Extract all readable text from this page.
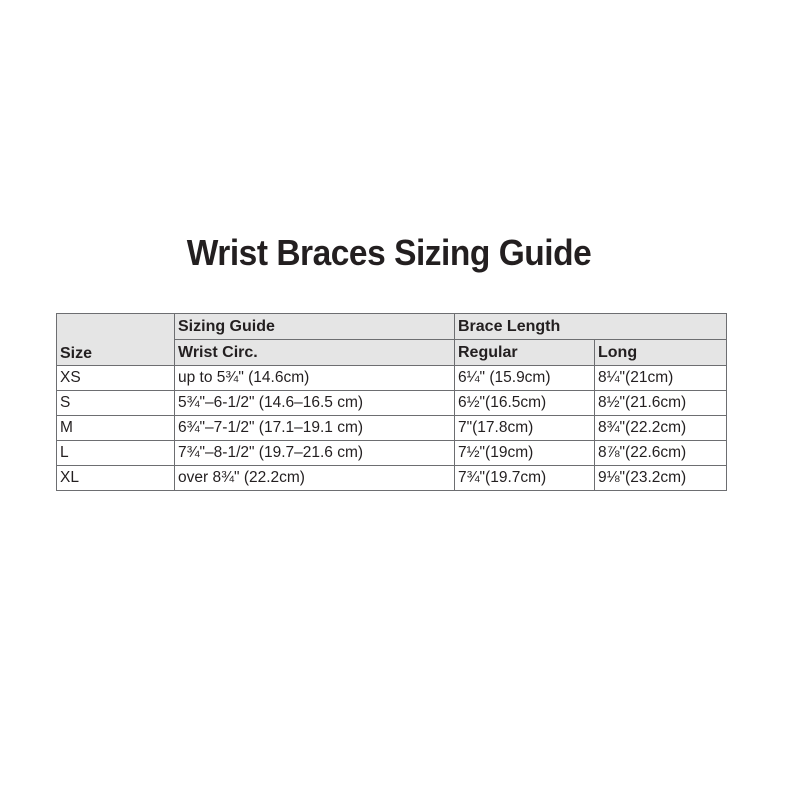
Wrist Braces Sizing Guide
Size	Sizing Guide	Brace Length	
	Wrist Circ.	Regular	Long
XS	up to 5¾" (14.6cm)	6¼" (15.9cm)	8¼"(21cm)
S	5¾"–6-1/2" (14.6–16.5 cm)	6½"(16.5cm)	8½"(21.6cm)
M	6¾"–7-1/2" (17.1–19.1 cm)	7"(17.8cm)	8¾"(22.2cm)
L	7¾"–8-1/2" (19.7–21.6 cm)	7½"(19cm)	8⅞"(22.6cm)
XL	over 8¾" (22.2cm)	7¾"(19.7cm)	9⅛"(23.2cm)
